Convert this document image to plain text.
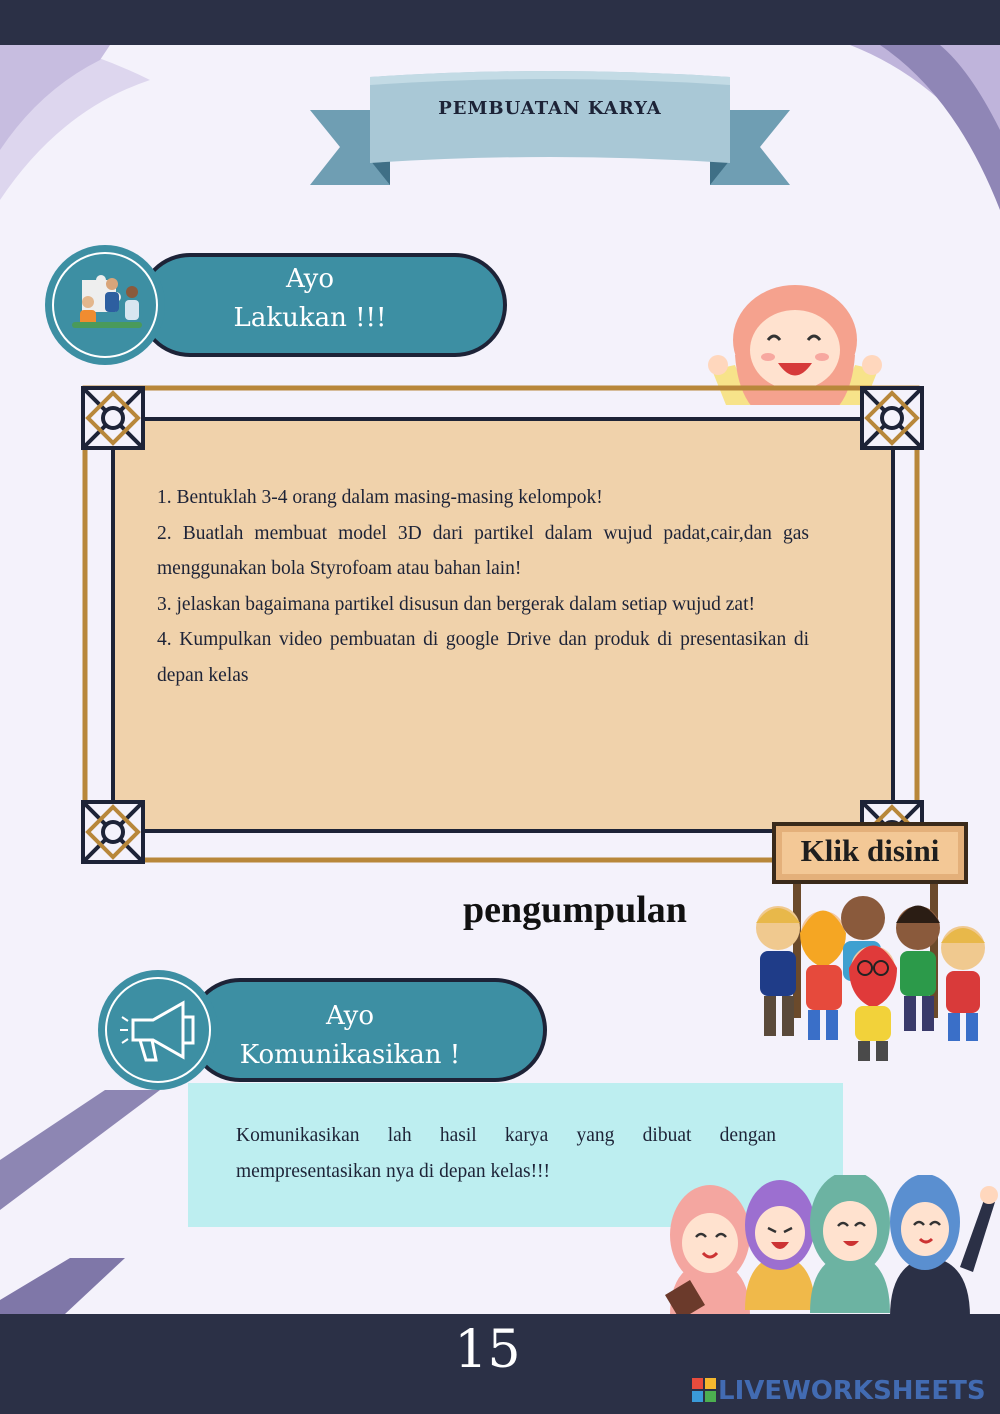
PEMBUATAN KARYA
Ayo
Lakukan !!!

1. Bentuklah 3-4 orang dalam masing-masing kelompok!

2. Buatlah membuat model 3D dari partikel dalam wujud padat,cair,dan gas menggunakan bola Styrofoam atau bahan lain!

3. jelaskan bagaimana partikel disusun dan bergerak dalam setiap wujud zat!

4. Kumpulkan video pembuatan di google Drive dan produk di presentasikan di depan kelas

Klik disini
pengumpulan
Ayo
Komunikasikan !
Komunikasikan lah hasil karya yang dibuat dengan mempresentasikan nya di depan kelas!!!
15
LIVEWORKSHEETS
